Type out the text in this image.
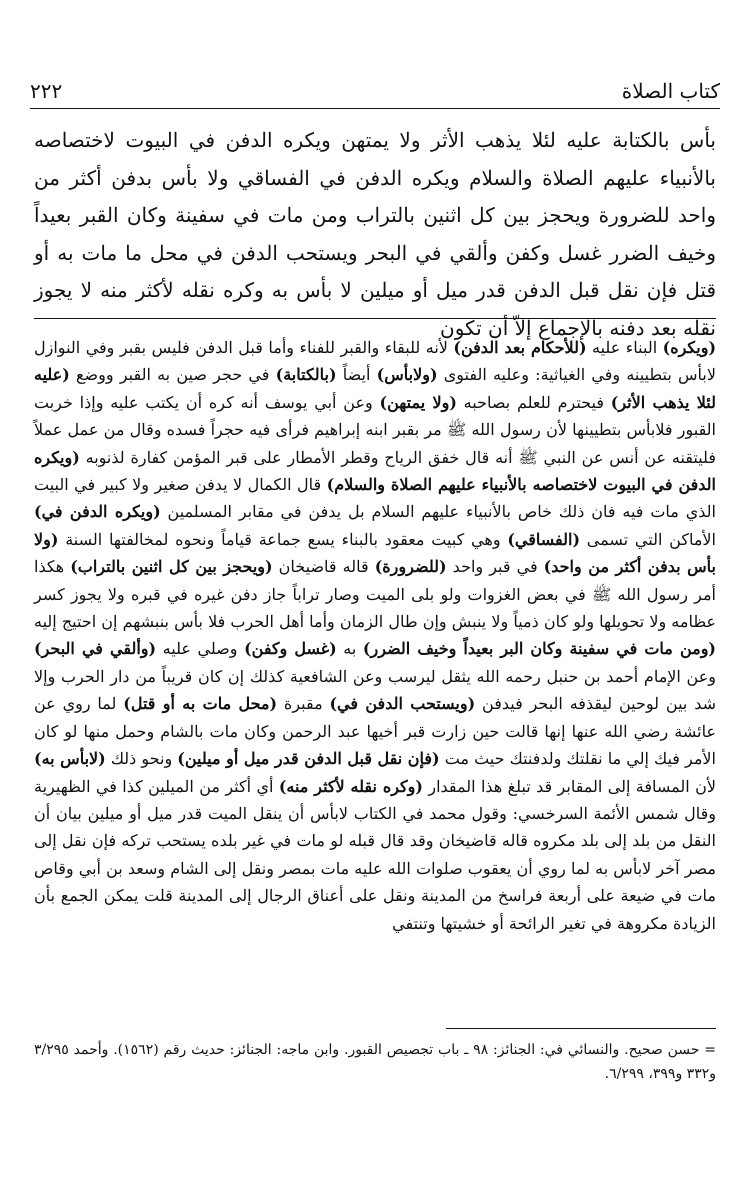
٢٢٢	كتاب الصلاة

بأس بالكتابة عليه لئلا يذهب الأثر ولا يمتهن ويكره الدفن في البيوت لاختصاصه بالأنبياء عليهم الصلاة والسلام ويكره الدفن في الفساقي ولا بأس بدفن أكثر من واحد للضرورة ويحجز بين كل اثنين بالتراب ومن مات في سفينة وكان القبر بعيداً وخيف الضرر غسل وكفن وألقي في البحر ويستحب الدفن في محل ما مات به أو قتل فإن نقل قبل الدفن قدر ميل أو ميلين لا بأس به وكره نقله لأكثر منه لا يجوز نقله بعد دفنه بالإجماع إلاّ أن تكون

(ويكره) البناء عليه (للأحكام بعد الدفن) لأنه للبقاء والقبر للفناء وأما قبل الدفن فليس بقبر وفي النوازل لابأس بتطيينه وفي الغياثية: وعليه الفتوى (ولابأس) أيضاً (بالكتابة) في حجر صين به القبر ووضع (عليه لئلا يذهب الأثر) فيحترم للعلم بصاحبه (ولا يمتهن) وعن أبي يوسف أنه كره أن يكتب عليه وإذا خربت القبور فلابأس بتطيينها لأن رسول الله ﷺ مر بقبر ابنه إبراهيم فرأى فيه حجراً فسده وقال من عمل عملاً فليتقنه عن أنس عن النبي ﷺ أنه قال خفق الرياح وقطر الأمطار على قبر المؤمن كفارة لذنوبه (ويكره الدفن في البيوت لاختصاصه بالأنبياء عليهم الصلاة والسلام) قال الكمال لا يدفن صغير ولا كبير في البيت الذي مات فيه فان ذلك خاص بالأنبياء عليهم السلام بل يدفن في مقابر المسلمين (ويكره الدفن في) الأماكن التي تسمى (الفساقي) وهي كبيت معقود بالبناء يسع جماعة قياماً ونحوه لمخالفتها السنة (ولا بأس بدفن أكثر من واحد) في قبر واحد (للضرورة) قاله قاضيخان (ويحجز بين كل اثنين بالتراب) هكذا أمر رسول الله ﷺ في بعض الغزوات ولو بلى الميت وصار تراباً جاز دفن غيره في قبره ولا يجوز كسر عظامه ولا تحويلها ولو كان ذمياً ولا ينبش وإن طال الزمان وأما أهل الحرب فلا بأس بنبشهم إن احتيج إليه (ومن مات في سفينة وكان البر بعيداً وخيف الضرر) به (غسل وكفن) وصلي عليه (وألقي في البحر) وعن الإمام أحمد بن حنبل رحمه الله يثقل ليرسب وعن الشافعية كذلك إن كان قريباً من دار الحرب وإلا شد بين لوحين ليقذفه البحر فيدفن (ويستحب الدفن في) مقبرة (محل مات به أو قتل) لما روي عن عائشة رضي الله عنها إنها قالت حين زارت قبر أخيها عبد الرحمن وكان مات بالشام وحمل منها لو كان الأمر فيك إلي ما نقلتك ولدفنتك حيث مت (فإن نقل قبل الدفن قدر ميل أو ميلين) ونحو ذلك (لابأس به) لأن المسافة إلى المقابر قد تبلغ هذا المقدار (وكره نقله لأكثر منه) أي أكثر من الميلين كذا في الظهيرية وقال شمس الأئمة السرخسي: وقول محمد في الكتاب لابأس أن ينقل الميت قدر ميل أو ميلين بيان أن النقل من بلد إلى بلد مكروه قاله قاضيخان وقد قال قبله لو مات في غير بلده يستحب تركه فإن نقل إلى مصر آخر لابأس به لما روي أن يعقوب صلوات الله عليه مات بمصر ونقل إلى الشام وسعد بن أبي وقاص مات في ضيعة على أربعة فراسخ من المدينة ونقل على أعناق الرجال إلى المدينة قلت يمكن الجمع بأن الزيادة مكروهة في تغير الرائحة أو خشيتها وتنتفي

= حسن صحيح. والنسائي في: الجنائز: ٩٨ ـ باب تجصيص القبور. وابن ماجه: الجنائز: حديث رقم (١٥٦٢). وأحمد ٣/٢٩٥ و٣٣٢ و٣٩٩، ٦/٢٩٩.
